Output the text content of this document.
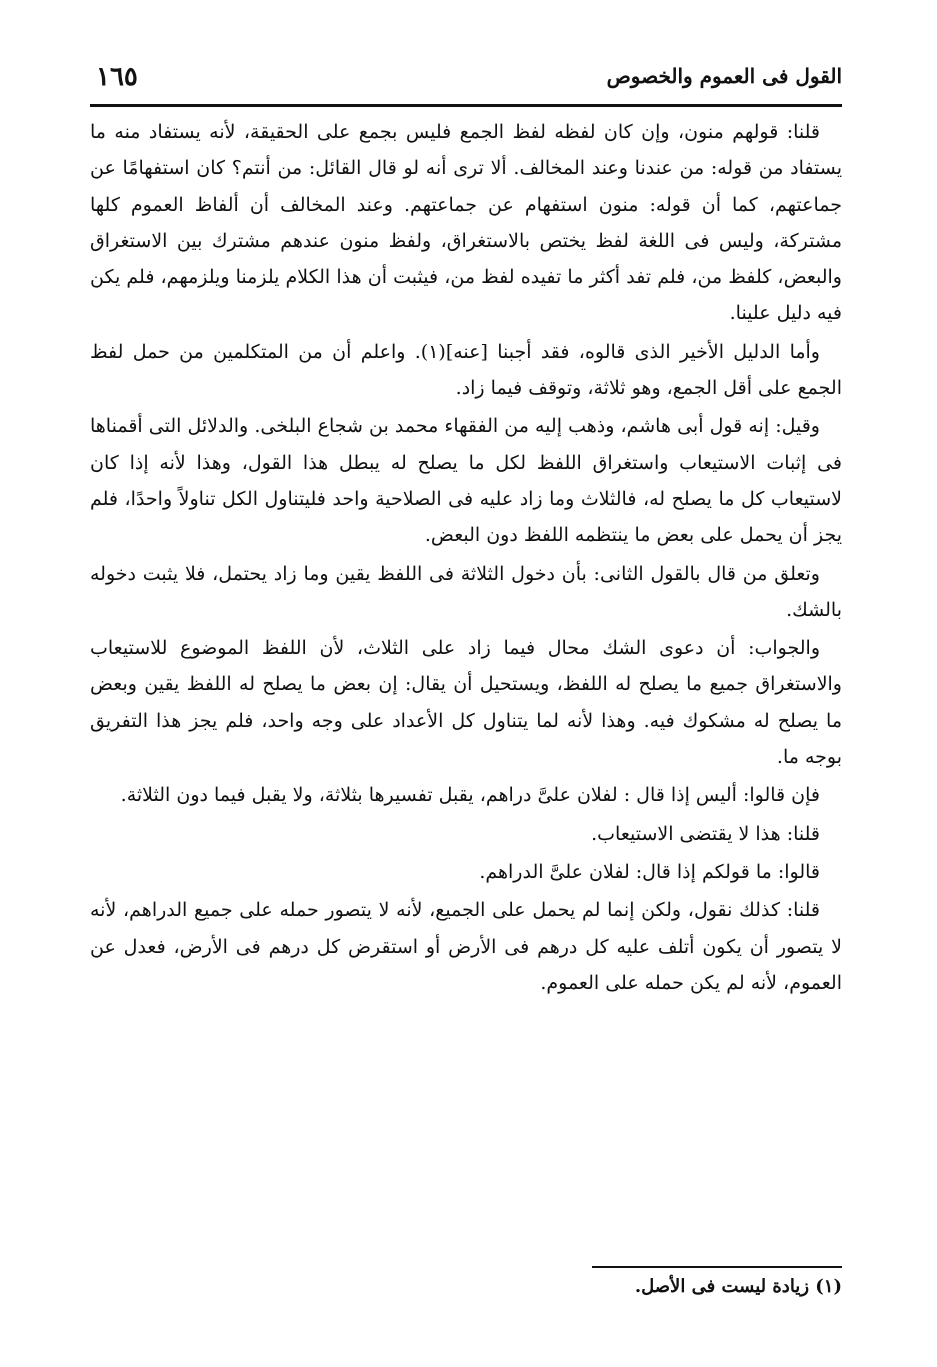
القول فى العموم والخصوص
١٦٥

قلنا: قولهم منون، وإن كان لفظه لفظ الجمع فليس بجمع على الحقيقة، لأنه يستفاد منه ما يستفاد من قوله: من عندنا وعند المخالف. ألا ترى أنه لو قال القائل: من أنتم؟ كان استفهامًا عن جماعتهم، كما أن قوله: منون استفهام عن جماعتهم. وعند المخالف أن ألفاظ العموم كلها مشتركة، وليس فى اللغة لفظ يختص بالاستغراق، ولفظ منون عندهم مشترك بين الاستغراق والبعض، كلفظ من، فلم تفد أكثر ما تفيده لفظ من، فيثبت أن هذا الكلام يلزمنا ويلزمهم، فلم يكن فيه دليل علينا.

وأما الدليل الأخير الذى قالوه، فقد أجبنا [عنه](١). واعلم أن من المتكلمين من حمل لفظ الجمع على أقل الجمع، وهو ثلاثة، وتوقف فيما زاد.

وقيل: إنه قول أبى هاشم، وذهب إليه من الفقهاء محمد بن شجاع البلخى. والدلائل التى أقمناها فى إثبات الاستيعاب واستغراق اللفظ لكل ما يصلح له يبطل هذا القول، وهذا لأنه إذا كان لاستيعاب كل ما يصلح له، فالثلاث وما زاد عليه فى الصلاحية واحد فليتناول الكل تناولاً واحدًا، فلم يجز أن يحمل على بعض ما ينتظمه اللفظ دون البعض.

وتعلق من قال بالقول الثانى: بأن دخول الثلاثة فى اللفظ يقين وما زاد يحتمل، فلا يثبت دخوله بالشك.

والجواب: أن دعوى الشك محال فيما زاد على الثلاث، لأن اللفظ الموضوع للاستيعاب والاستغراق جميع ما يصلح له اللفظ، ويستحيل أن يقال: إن بعض ما يصلح له اللفظ يقين وبعض ما يصلح له مشكوك فيه. وهذا لأنه لما يتناول كل الأعداد على وجه واحد، فلم يجز هذا التفريق بوجه ما.

فإن قالوا: أليس إذا قال : لفلان علىَّ دراهم، يقبل تفسيرها بثلاثة، ولا يقبل فيما دون الثلاثة.

قلنا: هذا لا يقتضى الاستيعاب.

قالوا: ما قولكم إذا قال: لفلان علىَّ الدراهم.

قلنا: كذلك نقول، ولكن إنما لم يحمل على الجميع، لأنه لا يتصور حمله على جميع الدراهم، لأنه لا يتصور أن يكون أتلف عليه كل درهم فى الأرض أو استقرض كل درهم فى الأرض، فعدل عن العموم، لأنه لم يكن حمله على العموم.

(١) زيادة ليست فى الأصل.
